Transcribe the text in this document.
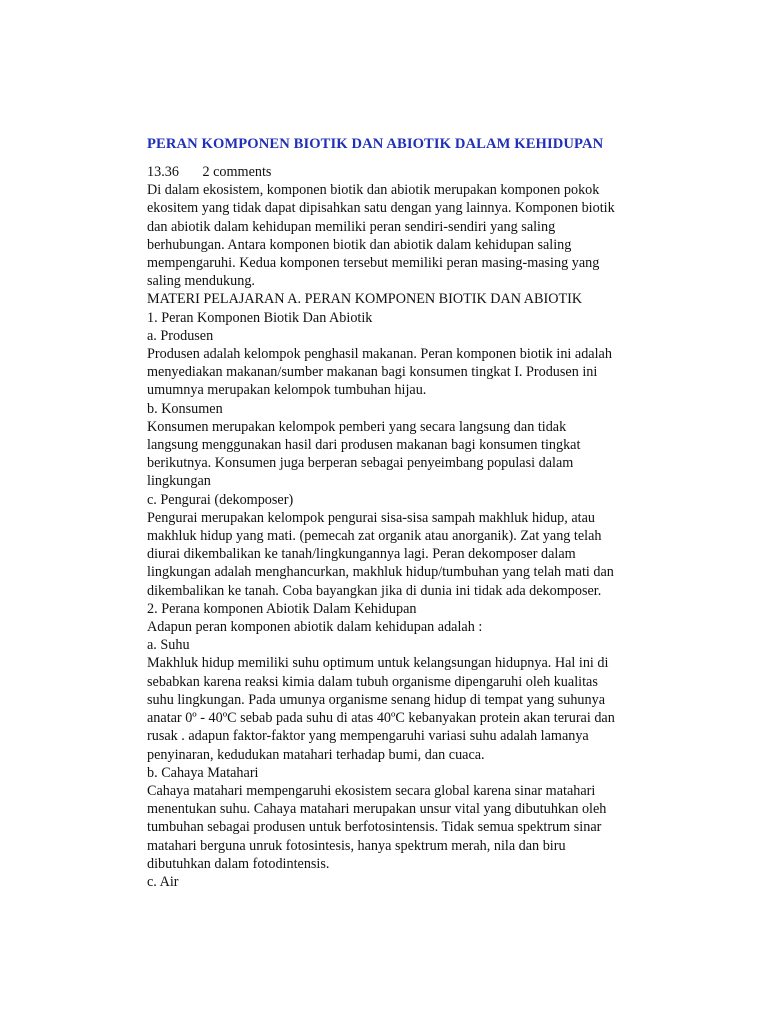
PERAN KOMPONEN BIOTIK DAN ABIOTIK DALAM KEHIDUPAN
13.36 2 comments

Di dalam ekosistem, komponen biotik dan abiotik merupakan komponen pokok

ekositem yang tidak dapat dipisahkan satu dengan yang lainnya. Komponen biotik

dan abiotik dalam kehidupan memiliki peran sendiri-sendiri yang saling

berhubungan. Antara komponen biotik dan abiotik dalam kehidupan saling

mempengaruhi. Kedua komponen tersebut memiliki peran masing-masing yang

saling mendukung.

MATERI PELAJARAN A. PERAN KOMPONEN BIOTIK DAN ABIOTIK

1. Peran Komponen Biotik Dan Abiotik

a. Produsen

Produsen adalah kelompok penghasil makanan. Peran komponen biotik ini adalah

menyediakan makanan/sumber makanan bagi konsumen tingkat I. Produsen ini

umumnya merupakan kelompok tumbuhan hijau.

b. Konsumen

Konsumen merupakan kelompok pemberi yang secara langsung dan tidak

langsung menggunakan hasil dari produsen makanan bagi konsumen tingkat

berikutnya. Konsumen juga berperan sebagai penyeimbang populasi dalam

lingkungan

c. Pengurai (dekomposer)

Pengurai merupakan kelompok pengurai sisa-sisa sampah makhluk hidup, atau

makhluk hidup yang mati. (pemecah zat organik atau anorganik). Zat yang telah

diurai dikembalikan ke tanah/lingkungannya lagi. Peran dekomposer dalam

lingkungan adalah menghancurkan, makhluk hidup/tumbuhan yang telah mati dan

dikembalikan ke tanah. Coba bayangkan jika di dunia ini tidak ada dekomposer.

2. Perana komponen Abiotik Dalam Kehidupan

Adapun peran komponen abiotik dalam kehidupan adalah :

a. Suhu

Makhluk hidup memiliki suhu optimum untuk kelangsungan hidupnya. Hal ini di

sebabkan karena reaksi kimia dalam tubuh organisme dipengaruhi oleh kualitas

suhu lingkungan. Pada umunya organisme senang hidup di tempat yang suhunya

anatar 0º - 40ºC sebab pada suhu di atas 40ºC kebanyakan protein akan terurai dan

rusak . adapun faktor-faktor yang mempengaruhi variasi suhu adalah lamanya

penyinaran, kedudukan matahari terhadap bumi, dan cuaca.

b. Cahaya Matahari

Cahaya matahari mempengaruhi ekosistem secara global karena sinar matahari

menentukan suhu. Cahaya matahari merupakan unsur vital yang dibutuhkan oleh

tumbuhan sebagai produsen untuk berfotosintensis. Tidak semua spektrum sinar

matahari berguna unruk fotosintesis, hanya spektrum merah, nila dan biru

dibutuhkan dalam fotodintensis.

c. Air
